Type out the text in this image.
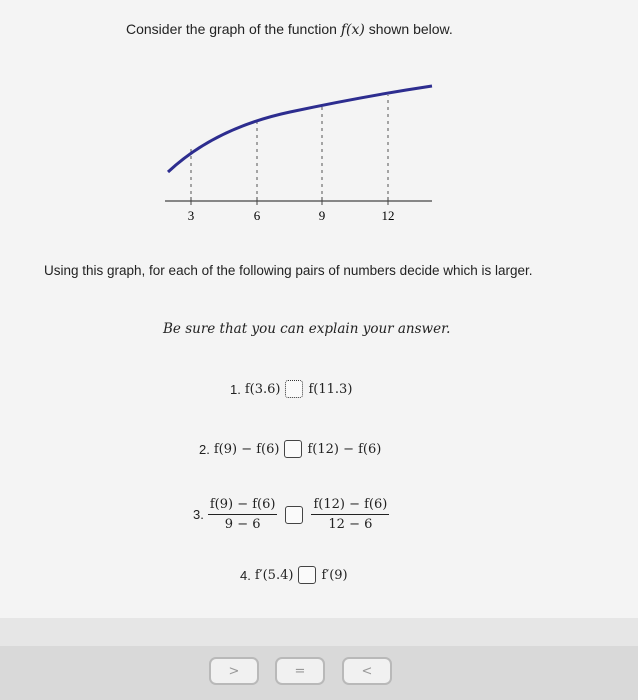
Consider the graph of the function f(x) shown below.
3	6	9	12
Using this graph, for each of the following pairs of numbers decide which is larger.
Be sure that you can explain your answer.
1. f(3.6) f(11.3)
2. f(9) − f(6) f(12) − f(6)
3. $\frac{f(9) - f(6)}{9 - 6}$	$\frac{f(12) - f(6)}{12 - 6}$
4. f′(5.4) f′(9)
>	=	<
